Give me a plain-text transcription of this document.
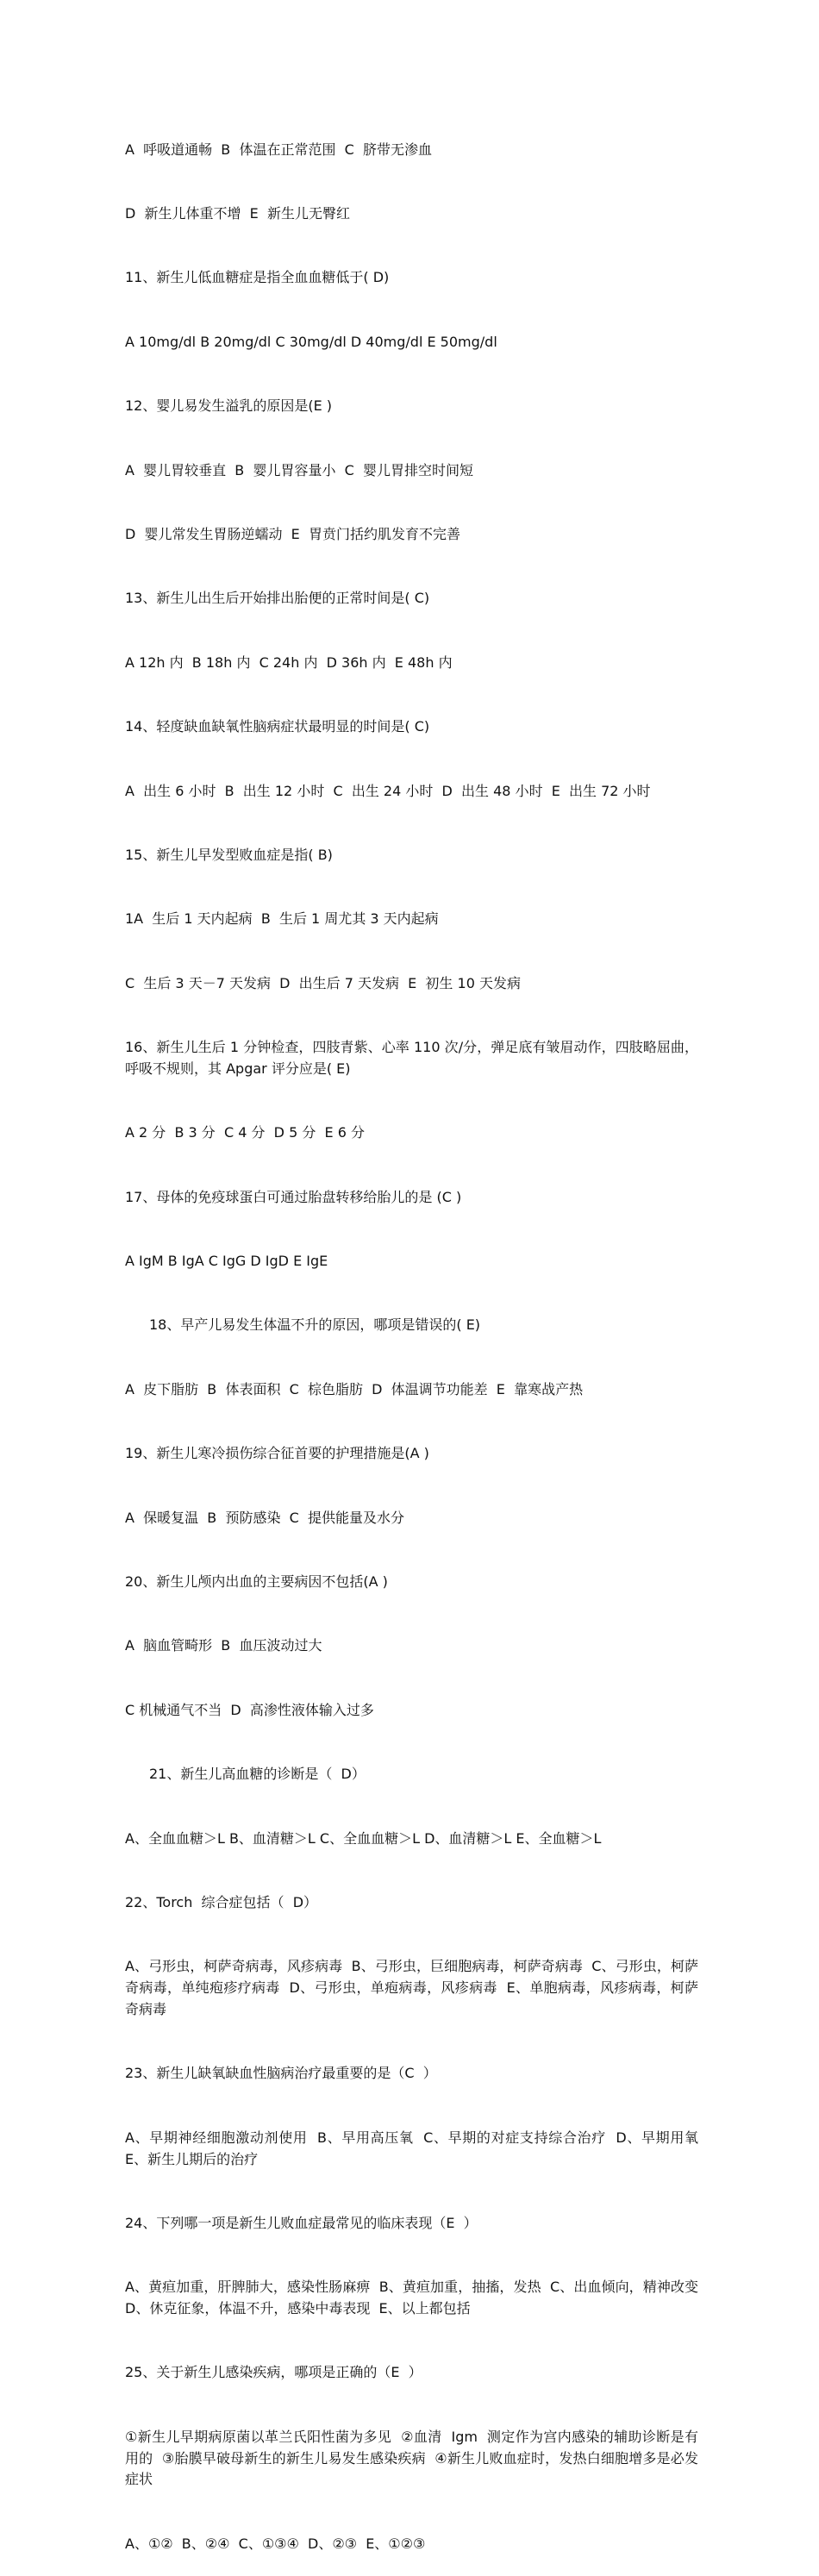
A  呼吸道通畅  B  体温在正常范围  C  脐带无渗血

D  新生儿体重不增  E  新生儿无臀红

11、新生儿低血糖症是指全血血糖低于( D)

A 10mg/dl B 20mg/dl C 30mg/dl D 40mg/dl E 50mg/dl

12、婴儿易发生溢乳的原因是(E )

A  婴儿胃较垂直  B  婴儿胃容量小  C  婴儿胃排空时间短

D  婴儿常发生胃肠逆蠕动  E  胃贲门括约肌发育不完善

13、新生儿出生后开始排出胎便的正常时间是( C)

A 12h 内  B 18h 内  C 24h 内  D 36h 内  E 48h 内

14、轻度缺血缺氧性脑病症状最明显的时间是( C)

A  出生 6 小时  B  出生 12 小时  C  出生 24 小时  D  出生 48 小时  E  出生 72 小时

15、新生儿早发型败血症是指( B)

1A  生后 1 天内起病  B  生后 1 周尤其 3 天内起病

C  生后 3 天－7 天发病  D  出生后 7 天发病  E  初生 10 天发病

16、新生儿生后 1 分钟检查，四肢青紫、心率 110 次/分，弹足底有皱眉动作，四肢略屈曲，呼吸不规则，其 Apgar 评分应是( E)

A 2 分  B 3 分  C 4 分  D 5 分  E 6 分

17、母体的免疫球蛋白可通过胎盘转移给胎儿的是 (C )

A IgM B IgA C IgG D IgD E IgE

18、早产儿易发生体温不升的原因，哪项是错误的( E)

A  皮下脂肪  B  体表面积  C  棕色脂肪  D  体温调节功能差  E  靠寒战产热

19、新生儿寒冷损伤综合征首要的护理措施是(A )

A  保暖复温  B  预防感染  C  提供能量及水分

20、新生儿颅内出血的主要病因不包括(A )

A  脑血管畸形  B  血压波动过大

C 机械通气不当  D  高渗性液体输入过多

21、新生儿高血糖的诊断是（  D）

A、全血血糖＞L B、血清糖＞L C、全血血糖＞L D、血清糖＞L E、全血糖＞L

22、Torch  综合症包括（  D）

A、弓形虫，柯萨奇病毒，风疹病毒  B、弓形虫，巨细胞病毒，柯萨奇病毒  C、弓形虫，柯萨奇病毒，单纯疱疹疗病毒  D、弓形虫，单疱病毒，风疹病毒  E、单胞病毒，风疹病毒，柯萨奇病毒

23、新生儿缺氧缺血性脑病治疗最重要的是（C  ）

A、早期神经细胞激动剂使用  B、早用高压氧  C、早期的对症支持综合治疗  D、早期用氧  E、新生儿期后的治疗

24、下列哪一项是新生儿败血症最常见的临床表现（E  ）

A、黄疸加重，肝脾肺大，感染性肠麻痹  B、黄疸加重，抽搐，发热  C、出血倾向，精神改变  D、休克征象，体温不升，感染中毒表现  E、以上都包括

25、关于新生儿感染疾病，哪项是正确的（E  ）

①新生儿早期病原菌以革兰氏阳性菌为多见  ②血清  Igm  测定作为宫内感染的辅助诊断是有用的  ③胎膜早破母新生的新生儿易发生感染疾病  ④新生儿败血症时，发热白细胞增多是必发症状

A、①②  B、②④  C、①③④  D、②③  E、①②③
